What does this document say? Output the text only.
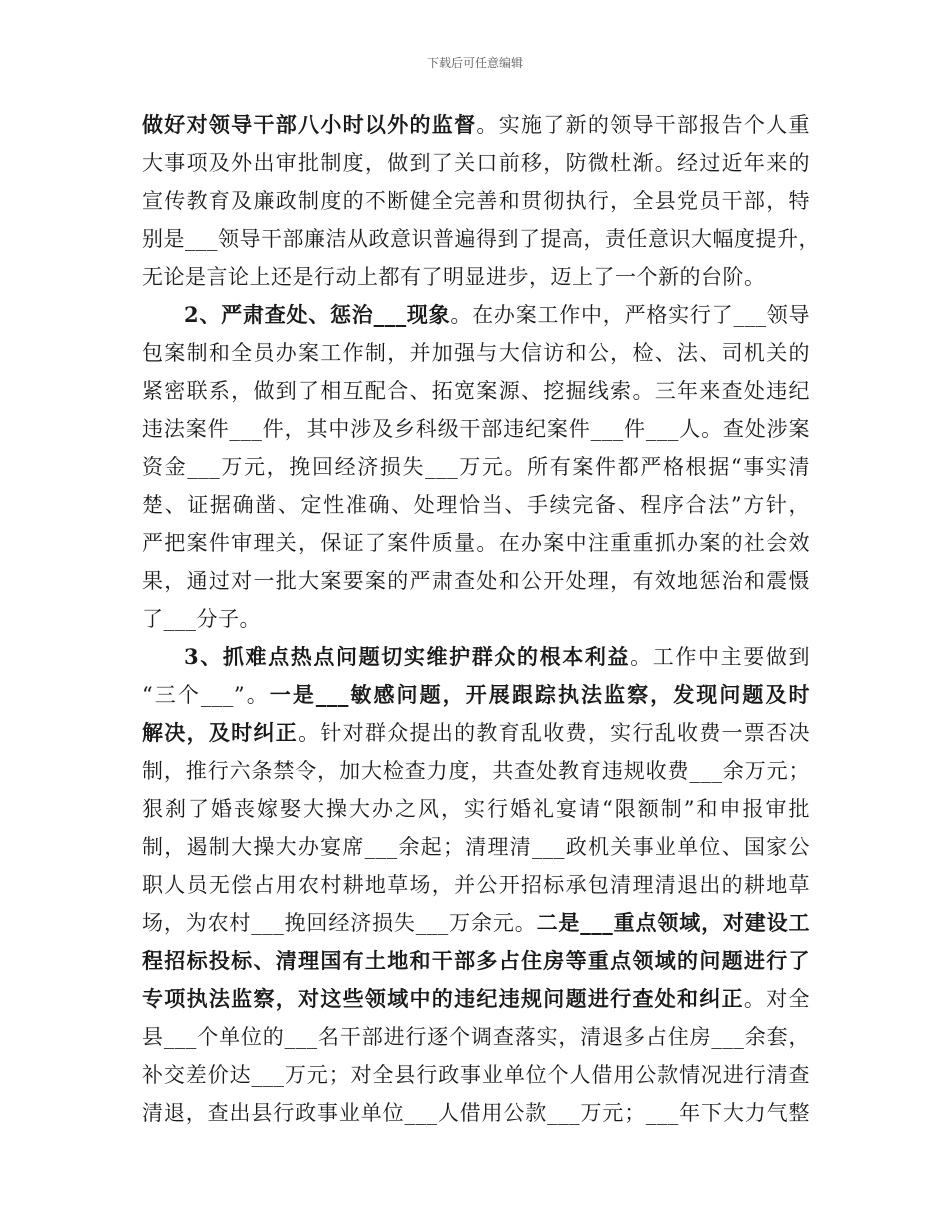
下载后可任意编辑
做好对领导干部八小时以外的监督。实施了新的领导干部报告个人重
大事项及外出审批制度，做到了关口前移，防微杜渐。经过近年来的
宣传教育及廉政制度的不断健全完善和贯彻执行，全县党员干部，特
别是___领导干部廉洁从政意识普遍得到了提高，责任意识大幅度提升，
无论是言论上还是行动上都有了明显进步，迈上了一个新的台阶。
2、严肃查处、惩治___现象。在办案工作中，严格实行了___领导
包案制和全员办案工作制，并加强与大信访和公，检、法、司机关的
紧密联系，做到了相互配合、拓宽案源、挖掘线索。三年来查处违纪
违法案件___件，其中涉及乡科级干部违纪案件___件___人。查处涉案
资金___万元，挽回经济损失___万元。所有案件都严格根据“事实清
楚、证据确凿、定性准确、处理恰当、手续完备、程序合法”方针，
严把案件审理关，保证了案件质量。在办案中注重重抓办案的社会效
果，通过对一批大案要案的严肃查处和公开处理，有效地惩治和震慑
了___分子。
3、抓难点热点问题切实维护群众的根本利益。工作中主要做到
“三个___”。一是___敏感问题，开展跟踪执法监察，发现问题及时
解决，及时纠正。针对群众提出的教育乱收费，实行乱收费一票否决
制，推行六条禁令，加大检查力度，共查处教育违规收费___余万元；
狠刹了婚丧嫁娶大操大办之风，实行婚礼宴请“限额制”和申报审批
制，遏制大操大办宴席___余起；清理清___政机关事业单位、国家公
职人员无偿占用农村耕地草场，并公开招标承包清理清退出的耕地草
场，为农村___挽回经济损失___万余元。二是___重点领域，对建设工
程招标投标、清理国有土地和干部多占住房等重点领域的问题进行了
专项执法监察，对这些领域中的违纪违规问题进行查处和纠正。对全
县___个单位的___名干部进行逐个调查落实，清退多占住房___余套，
补交差价达___万元；对全县行政事业单位个人借用公款情况进行清查
清退，查出县行政事业单位___人借用公款___万元；___年下大力气整
